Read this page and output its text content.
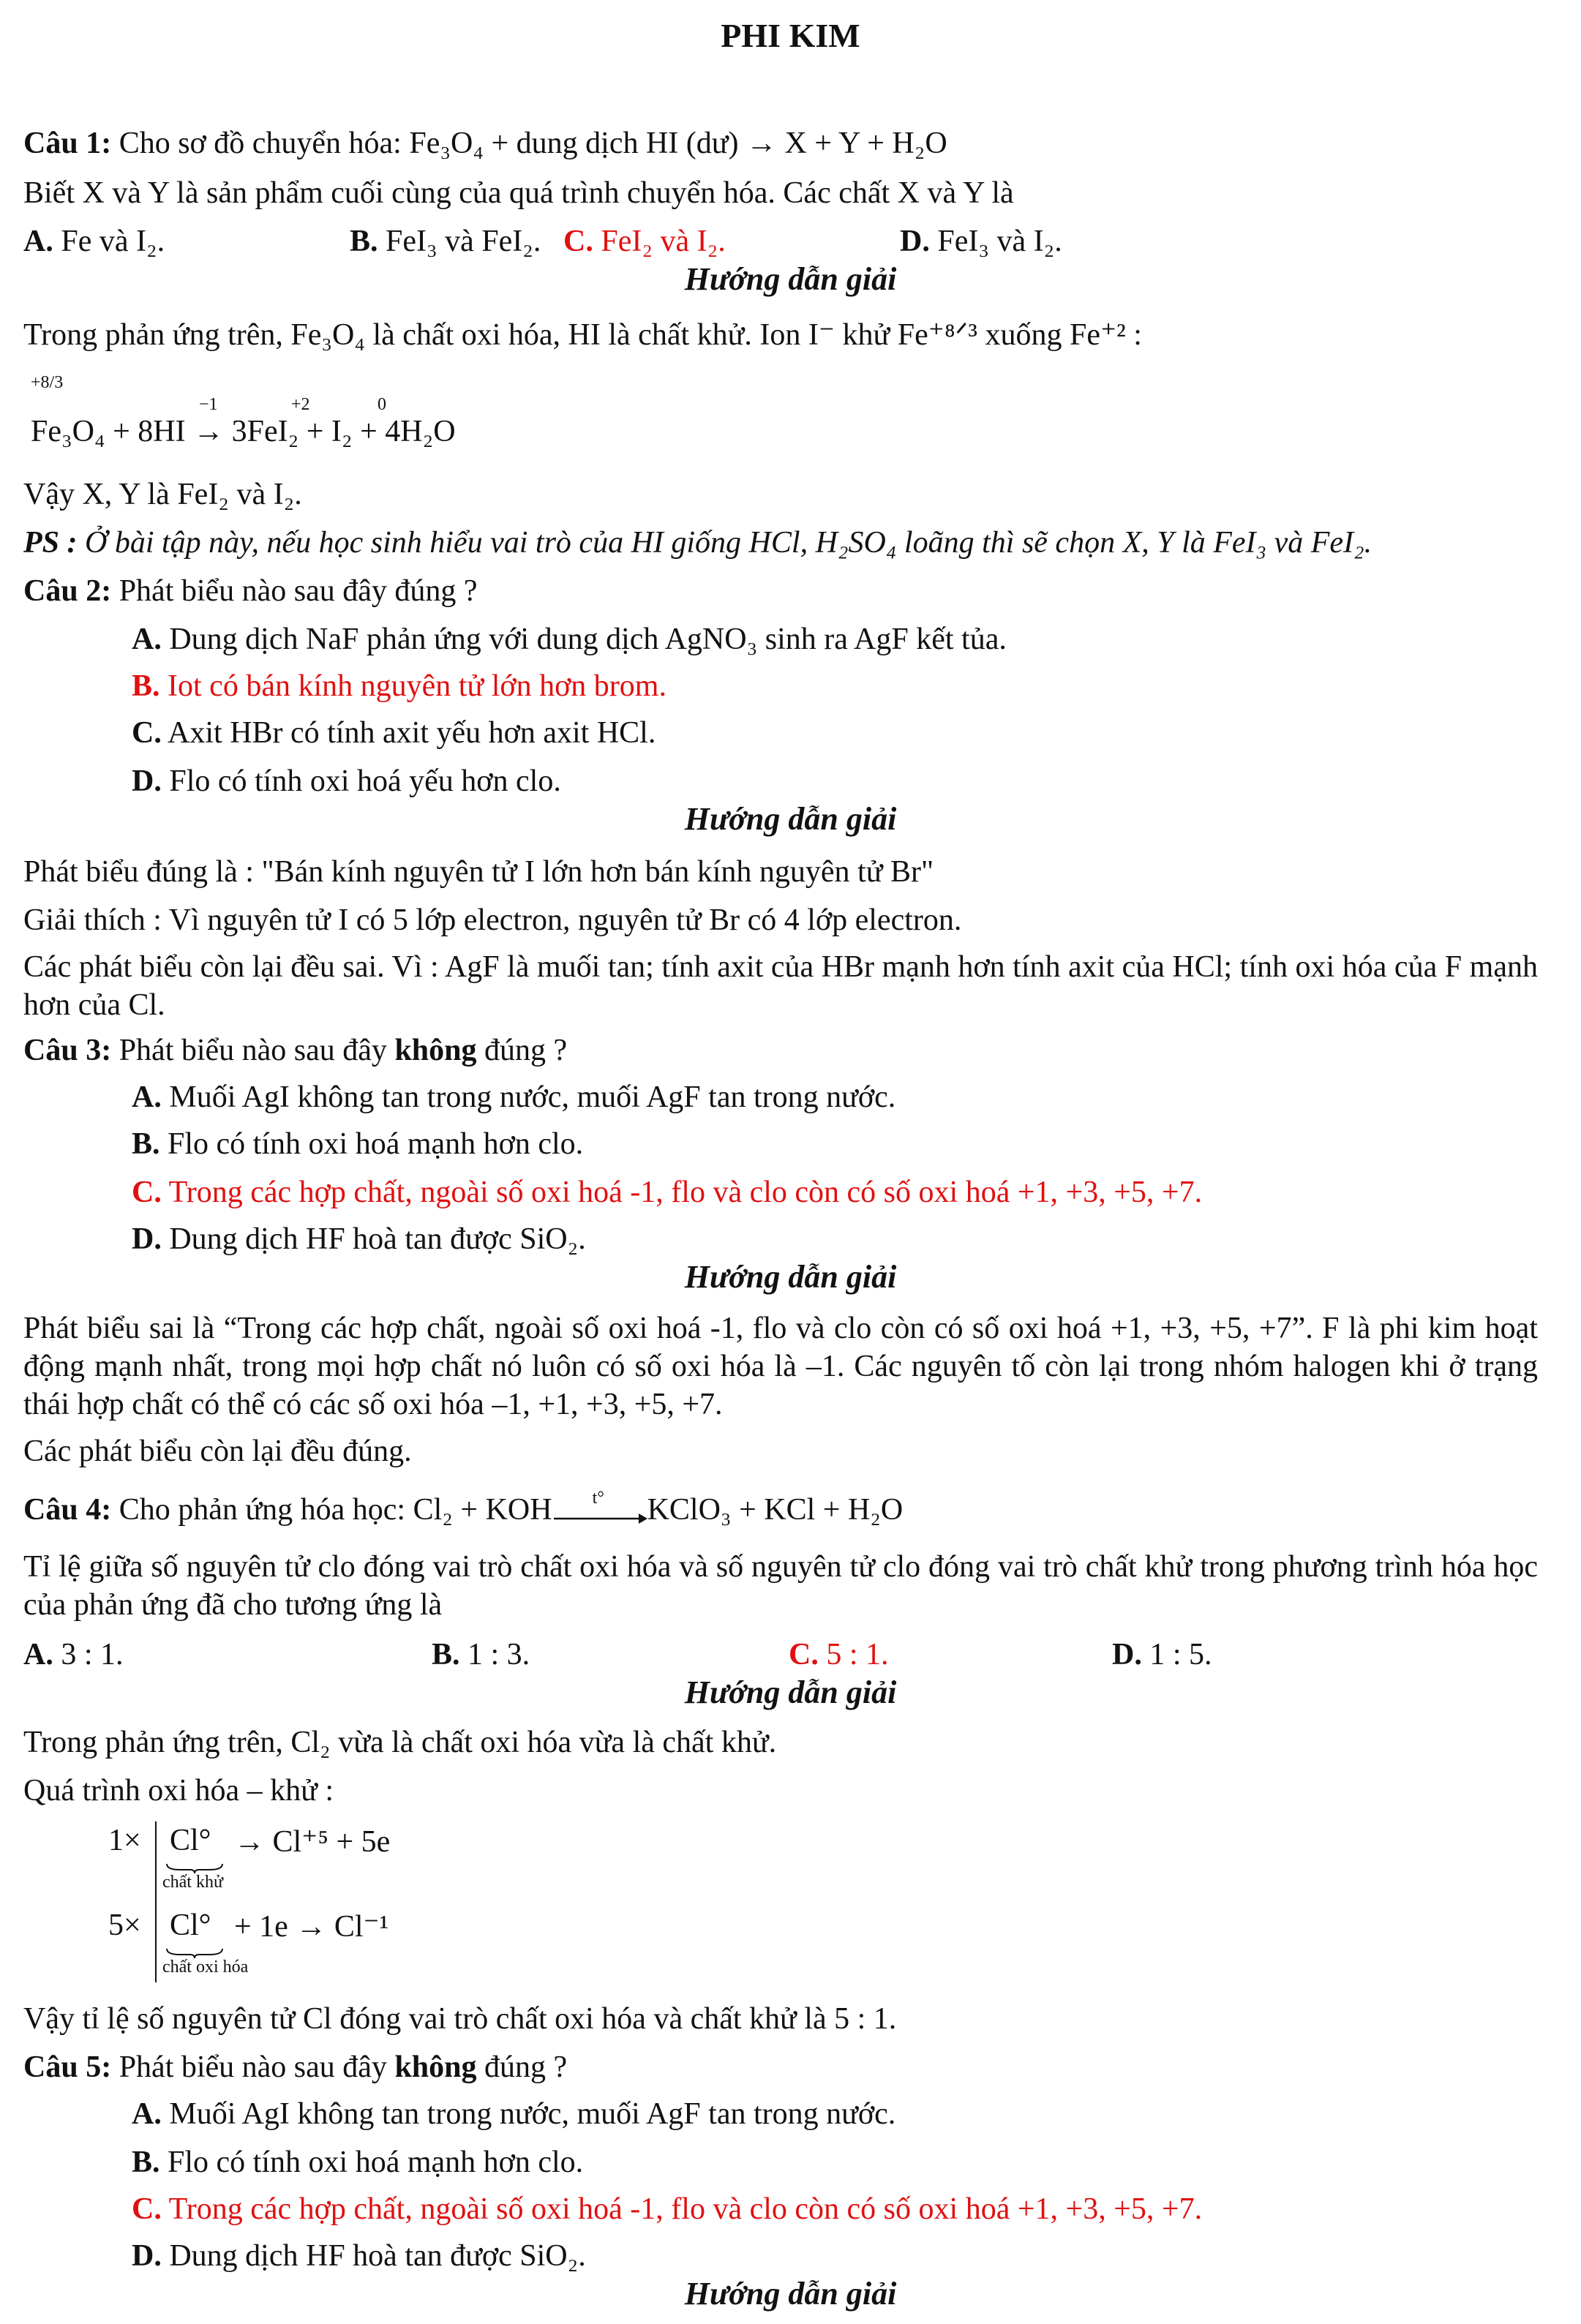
PHI KIM
Câu 1: Cho sơ đồ chuyển hóa: Fe₃O₄ + dung dịch HI (dư) → X + Y + H₂O
Biết X và Y là sản phẩm cuối cùng của quá trình chuyển hóa. Các chất X và Y là
A. Fe và I₂.	B. FeI₃ và FeI₂. C. FeI₂ và I₂.	D. FeI₃ và I₂.
Hướng dẫn giải
Trong phản ứng trên, Fe₃O₄ là chất oxi hóa, HI là chất khử. Ion I⁻ khử Fe⁺⁸ᐟ³ xuống Fe⁺² :
+8/3
−1	+2	0
Fe₃O₄ + 8HI → 3FeI₂ + I₂ + 4H₂O
Vậy X, Y là FeI₂ và I₂.
PS : Ở bài tập này, nếu học sinh hiểu vai trò của HI giống HCl, H₂SO₄ loãng thì sẽ chọn X, Y là FeI₃ và FeI₂.
Câu 2: Phát biểu nào sau đây đúng ?
A. Dung dịch NaF phản ứng với dung dịch AgNO₃ sinh ra AgF kết tủa.
B. Iot có bán kính nguyên tử lớn hơn brom.
C. Axit HBr có tính axit yếu hơn axit HCl.
D. Flo có tính oxi hoá yếu hơn clo.
Hướng dẫn giải
Phát biểu đúng là : "Bán kính nguyên tử I lớn hơn bán kính nguyên tử Br"
Giải thích : Vì nguyên tử I có 5 lớp electron, nguyên tử Br có 4 lớp electron.
Các phát biểu còn lại đều sai. Vì : AgF là muối tan; tính axit của HBr mạnh hơn tính axit của HCl; tính oxi hóa của F mạnh hơn của Cl.
Câu 3: Phát biểu nào sau đây không đúng ?
A. Muối AgI không tan trong nước, muối AgF tan trong nước.
B. Flo có tính oxi hoá mạnh hơn clo.
C. Trong các hợp chất, ngoài số oxi hoá -1, flo và clo còn có số oxi hoá +1, +3, +5, +7.
D. Dung dịch HF hoà tan được SiO₂.
Hướng dẫn giải
Phát biểu sai là “Trong các hợp chất, ngoài số oxi hoá -1, flo và clo còn có số oxi hoá +1, +3, +5, +7”. F là phi kim hoạt động mạnh nhất, trong mọi hợp chất nó luôn có số oxi hóa là –1. Các nguyên tố còn lại trong nhóm halogen khi ở trạng thái hợp chất có thể có các số oxi hóa –1, +1, +3, +5, +7.
Các phát biểu còn lại đều đúng.
Câu 4: Cho phản ứng hóa học: Cl₂ + KOH t° KClO₃ + KCl + H₂O
Tỉ lệ giữa số nguyên tử clo đóng vai trò chất oxi hóa và số nguyên tử clo đóng vai trò chất khử trong phương trình hóa học của phản ứng đã cho tương ứng là
A. 3 : 1.	B. 1 : 3.	C. 5 : 1.	D. 1 : 5.
Hướng dẫn giải
Trong phản ứng trên, Cl₂ vừa là chất oxi hóa vừa là chất khử.
Quá trình oxi hóa – khử :
1×
5×
Cl° → Cl⁺⁵ + 5e
chất khử
Cl° + 1e → Cl⁻¹
chất oxi hóa
Vậy tỉ lệ số nguyên tử Cl đóng vai trò chất oxi hóa và chất khử là 5 : 1.
Câu 5: Phát biểu nào sau đây không đúng ?
A. Muối AgI không tan trong nước, muối AgF tan trong nước.
B. Flo có tính oxi hoá mạnh hơn clo.
C. Trong các hợp chất, ngoài số oxi hoá -1, flo và clo còn có số oxi hoá +1, +3, +5, +7.
D. Dung dịch HF hoà tan được SiO₂.
Hướng dẫn giải
